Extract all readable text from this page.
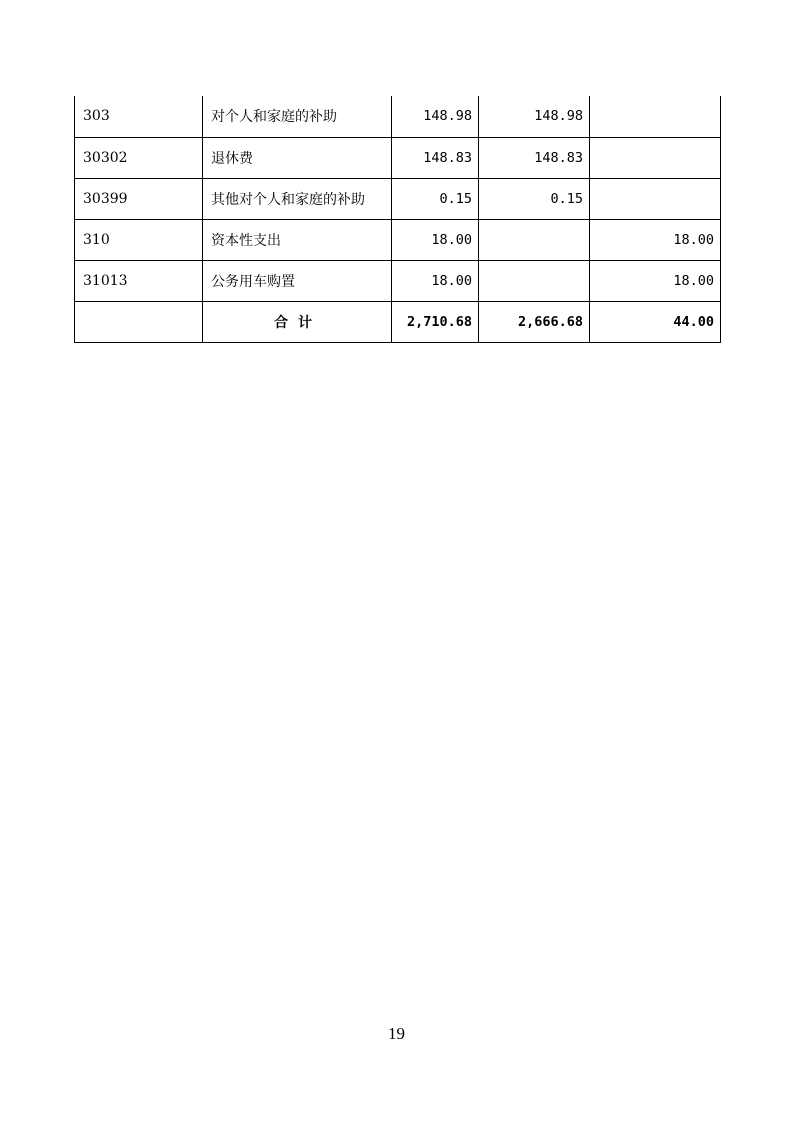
303	对个人和家庭的补助	148.98	148.98	
30302	退休费	148.83	148.83	
30399	其他对个人和家庭的补助	0.15	0.15	
310	资本性支出	18.00		18.00
31013	公务用车购置	18.00		18.00
	合计	2,710.68	2,666.68	44.00
19
